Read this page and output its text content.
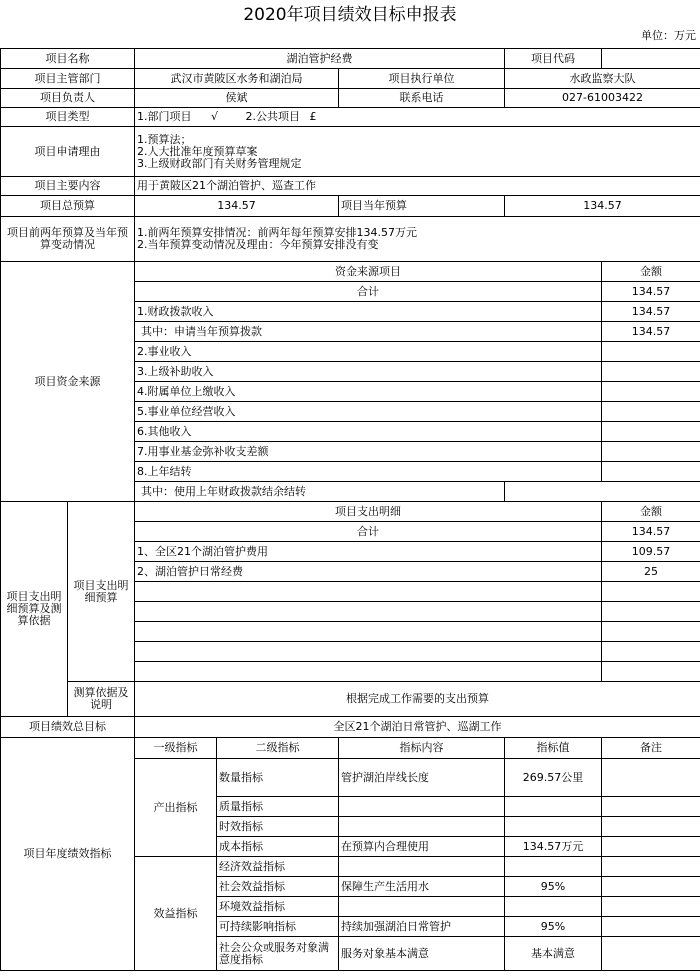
2020年项目绩效目标申报表
单位：万元
项目名称		湖泊管护经费			项目代码	
项目主管部门		武汉市黄陂区水务和湖泊局		项目执行单位	水政监察大队	
项目负责人		侯斌		联系电话	027-61003422	
项目类型		1.部门项目 √ 2.公共项目 £				
项目申请理由		1.预算法；
2.人大批准年度预算草案
3.上级财政部门有关财务管理规定				

项目主要内容		用于黄陂区21个湖泊管护、巡查工作				
项目总预算		134.57		项目当年预算	134.57	
项目前两年预算及当年预算变动情况		1.前两年预算安排情况：前两年每年预算安排134.57万元
2.当年预算变动情况及理由：今年预算安排没有变				

项目资金来源		资金来源项目				金额
		合计				134.57
		1.财政拨款收入				134.57
		其中：申请当年预算拨款				134.57
		2.事业收入				
		3.上级补助收入				
		4.附属单位上缴收入				
		5.事业单位经营收入				
		6.其他收入				
		7.用事业基金弥补收支差额				
		8.上年结转				
		其中：使用上年财政拨款结余结转				
项目支出明细预算及测算依据	项目支出明细预算	项目支出明细				金额
		合计				134.57
		1、全区21个湖泊管护费用				109.57
		2、湖泊管护日常经费				25

	测算依据及说明	根据完成工作需要的支出预算				
项目绩效总目标		全区21个湖泊日常管护、巡湖工作				
项目年度绩效指标		一级指标	二级指标	指标内容	指标值	备注
		产出指标	数量指标	管护湖泊岸线长度	269.57公里	
			质量指标			
			时效指标			
			成本指标	在预算内合理使用	134.57万元	
		效益指标	经济效益指标			
			社会效益指标	保障生产生活用水	95%	
			环境效益指标			
			可持续影响指标	持续加强湖泊日常管护	95%	
			社会公众或服务对象满意度指标	服务对象基本满意	基本满意	
